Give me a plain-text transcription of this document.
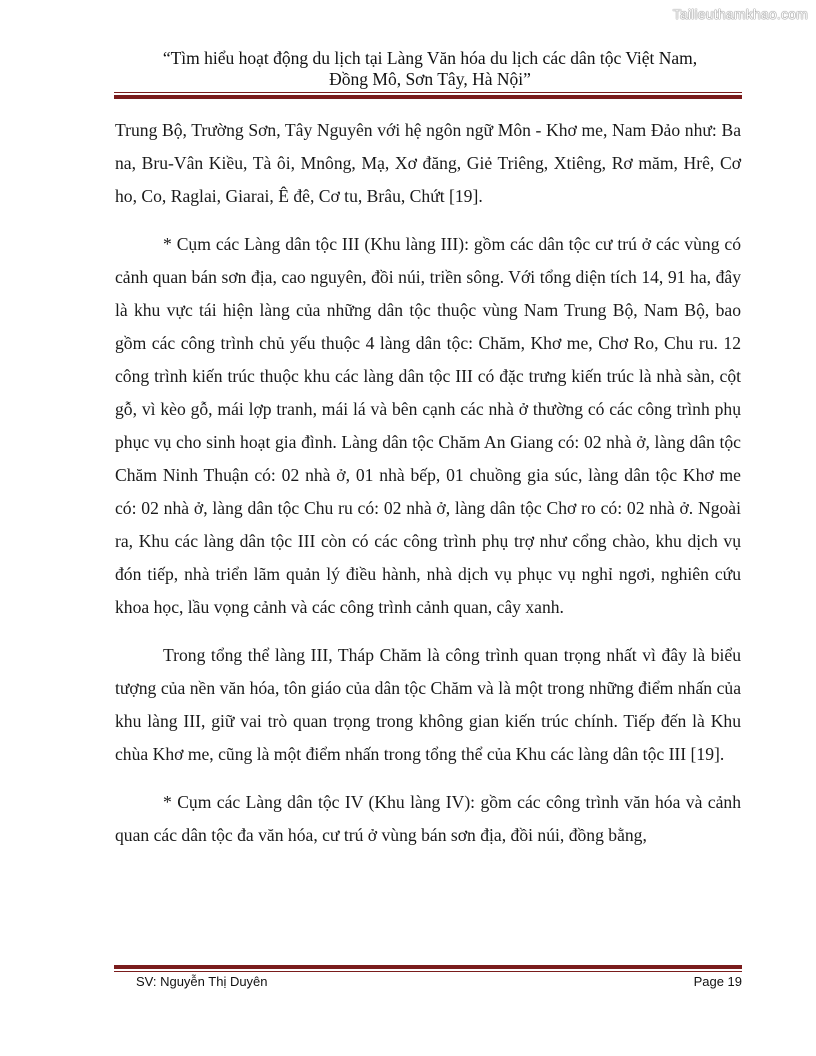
Tailieuthamkhao.com
“Tìm hiểu hoạt động du lịch tại Làng Văn hóa du lịch các dân tộc Việt Nam,
Đồng Mô, Sơn Tây, Hà Nội”

Trung Bộ, Trường Sơn, Tây Nguyên với hệ ngôn ngữ Môn - Khơ me, Nam Đảo như: Ba na, Bru-Vân Kiều, Tà ôi, Mnông, Mạ, Xơ đăng, Giẻ Triêng, Xtiêng, Rơ măm, Hrê, Cơ ho, Co, Raglai, Giarai, Ê đê, Cơ tu, Brâu, Chứt [19].

* Cụm các Làng dân tộc III (Khu làng III): gồm các dân tộc cư trú ở các vùng có cảnh quan bán sơn địa, cao nguyên, đồi núi, triền sông. Với tổng diện tích 14, 91 ha, đây là khu vực tái hiện làng của những dân tộc thuộc vùng Nam Trung Bộ, Nam Bộ, bao gồm các công trình chủ yếu thuộc 4 làng dân tộc: Chăm, Khơ me, Chơ Ro, Chu ru. 12 công trình kiến trúc thuộc khu các làng dân tộc III có đặc trưng kiến trúc là nhà sàn, cột gỗ, vì kèo gỗ, mái lợp tranh, mái lá và bên cạnh các nhà ở thường có các công trình phụ phục vụ cho sinh hoạt gia đình. Làng dân tộc Chăm An Giang có: 02 nhà ở, làng dân tộc Chăm Ninh Thuận có: 02 nhà ở, 01 nhà bếp, 01 chuồng gia súc, làng dân tộc Khơ me có: 02 nhà ở, làng dân tộc Chu ru có: 02 nhà ở, làng dân tộc Chơ ro có: 02 nhà ở. Ngoài ra, Khu các làng dân tộc III còn có các công trình phụ trợ như cổng chào, khu dịch vụ đón tiếp, nhà triển lãm quản lý điều hành, nhà dịch vụ phục vụ nghỉ ngơi, nghiên cứu khoa học, lầu vọng cảnh và các công trình cảnh quan, cây xanh.

Trong tổng thể làng III, Tháp Chăm là công trình quan trọng nhất vì đây là biểu tượng của nền văn hóa, tôn giáo của dân tộc Chăm và là một trong những điểm nhấn của khu làng III, giữ vai trò quan trọng trong không gian kiến trúc chính. Tiếp đến là Khu chùa Khơ me, cũng là một điểm nhấn trong tổng thể của Khu các làng dân tộc III [19].

* Cụm các Làng dân tộc IV (Khu làng IV): gồm các công trình văn hóa và cảnh quan các dân tộc đa văn hóa, cư trú ở vùng bán sơn địa, đồi núi, đồng bằng,

SV: Nguyễn Thị Duyên	Page 19
